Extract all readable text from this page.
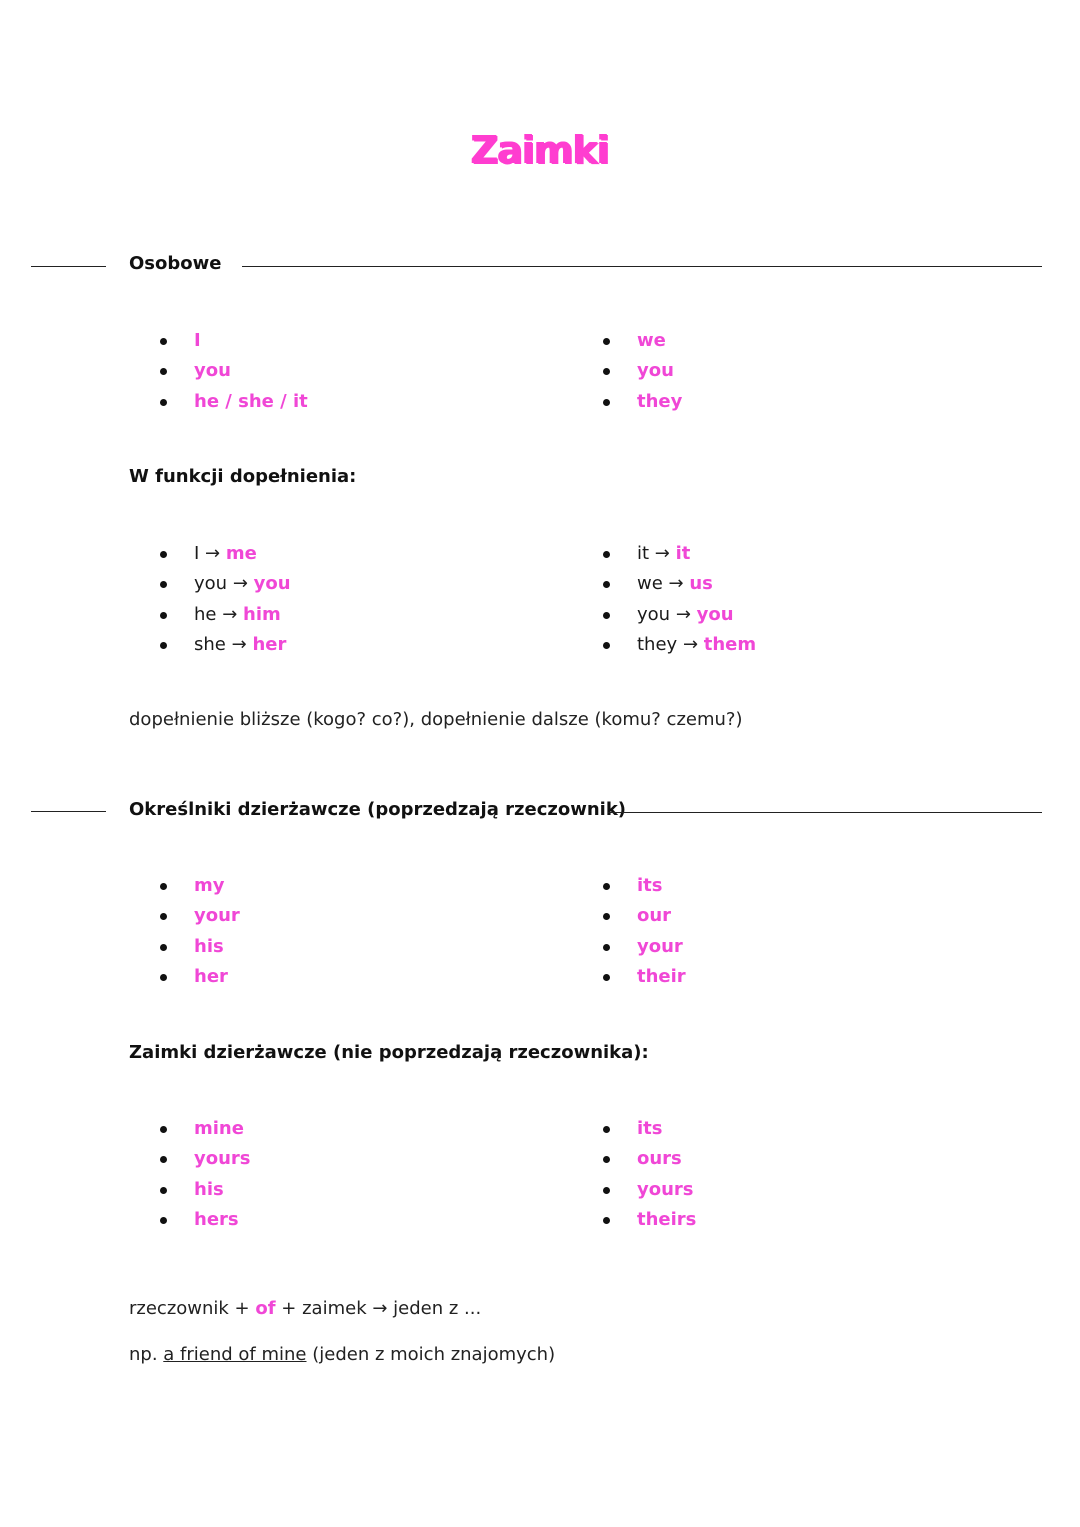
Zaimki
Osobowe
I
you
he / she / it
we
you
they
W funkcji dopełnienia:
I → me
you → you
he → him
she → her
it → it
we → us
you → you
they → them
dopełnienie bliższe (kogo? co?), dopełnienie dalsze (komu? czemu?)
Określniki dzierżawcze (poprzedzają rzeczownik)
my
your
his
her
its
our
your
their
Zaimki dzierżawcze (nie poprzedzają rzeczownika):
mine
yours
his
hers
its
ours
yours
theirs
rzeczownik + of + zaimek → jeden z ...
np. a friend of mine (jeden z moich znajomych)
